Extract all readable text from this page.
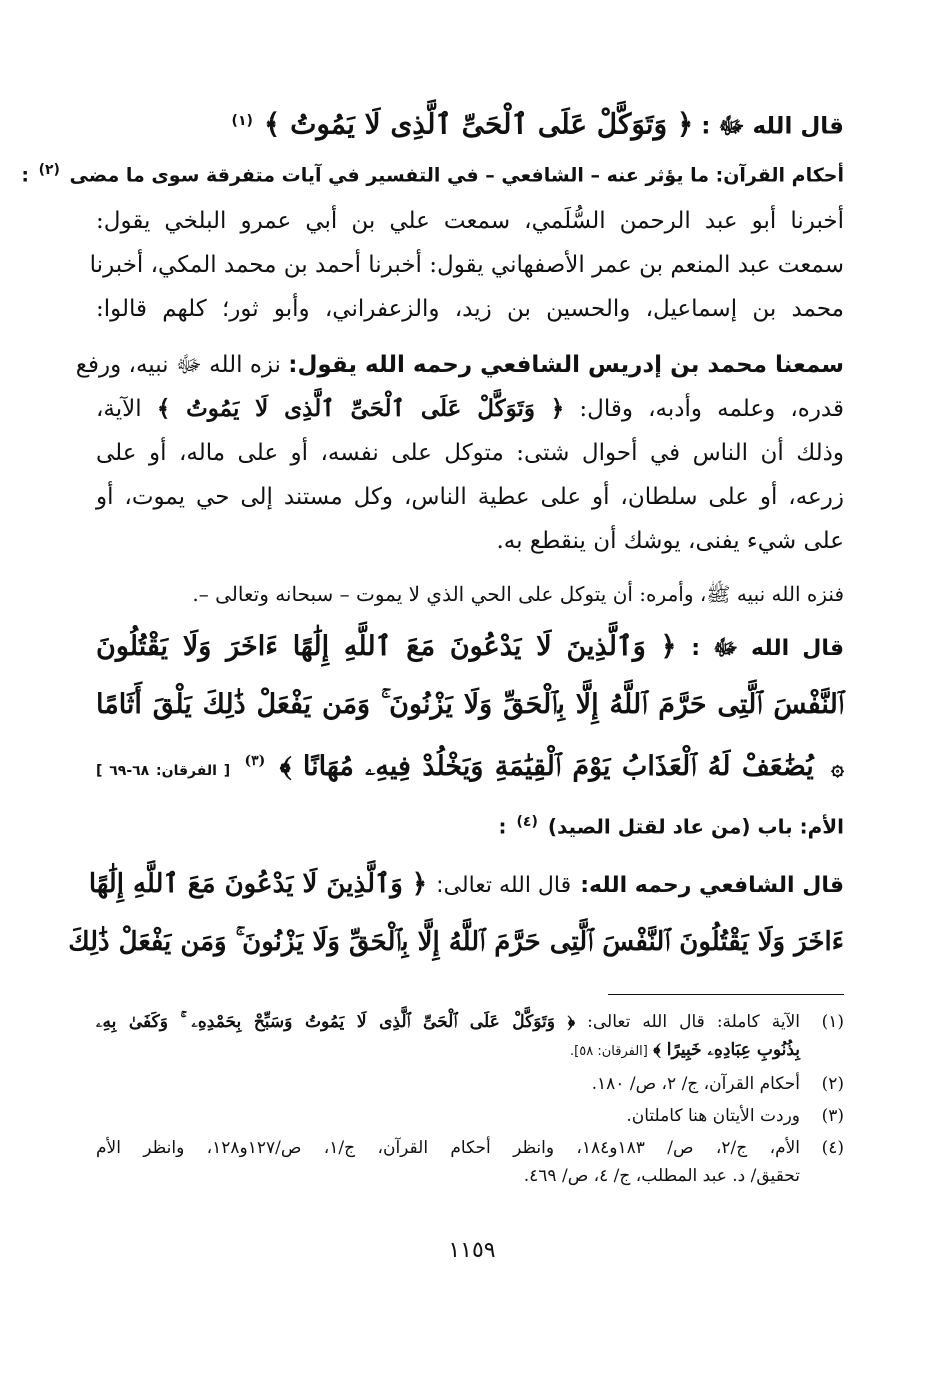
قال الله ﷻ : ﴿ وَتَوَكَّلْ عَلَى ٱلْحَىِّ ٱلَّذِى لَا يَمُوتُ ﴾ $^{(١)}$

أحكام القرآن: ما يؤثر عنه – الشافعي – في التفسير في آيات متفرقة سوى ما مضى $^{(٢)}$ :

أخبرنا أبو عبد الرحمن السُّلَمي، سمعت علي بن أبي عمرو البلخي يقول:

سمعت عبد المنعم بن عمر الأصفهاني يقول: أخبرنا أحمد بن محمد المكي، أخبرنا

محمد بن إسماعيل، والحسين بن زيد، والزعفراني، وأبو ثور؛ كلهم قالوا:

سمعنا محمد بن إدريس الشافعي رحمه الله يقول: نزه الله ﷻ نبيه، ورفع

قدره، وعلمه وأدبه، وقال: ﴿ وَتَوَكَّلْ عَلَى ٱلْحَىِّ ٱلَّذِى لَا يَمُوتُ ﴾ الآية،

وذلك أن الناس في أحوال شتى: متوكل على نفسه، أو على ماله، أو على

زرعه، أو على سلطان، أو على عطية الناس، وكل مستند إلى حي يموت، أو

على شيء يفنى، يوشك أن ينقطع به.

فنزه الله نبيه ﷺ، وأمره: أن يتوكل على الحي الذي لا يموت – سبحانه وتعالى –.

قال الله ﷻ : ﴿ وَٱلَّذِينَ لَا يَدْعُونَ مَعَ ٱللَّهِ إِلَٰهًا ءَاخَرَ وَلَا يَقْتُلُونَ

ٱلنَّفْسَ ٱلَّتِى حَرَّمَ ٱللَّهُ إِلَّا بِٱلْحَقِّ وَلَا يَزْنُونَ ۚ وَمَن يَفْعَلْ ذَٰلِكَ يَلْقَ أَثَامًا

۞ يُضَٰعَفْ لَهُ ٱلْعَذَابُ يَوْمَ ٱلْقِيَٰمَةِ وَيَخْلُدْ فِيهِۦ مُهَانًا ﴾ $^{(٣)}$ [ الفرقان: ٦٨-٦٩ ]

الأم: باب (من عاد لقتل الصيد) $^{(٤)}$ :

قال الشافعي رحمه الله: قال الله تعالى: ﴿ وَٱلَّذِينَ لَا يَدْعُونَ مَعَ ٱللَّهِ إِلَٰهًا

ءَاخَرَ وَلَا يَقْتُلُونَ ٱلنَّفْسَ ٱلَّتِى حَرَّمَ ٱللَّهُ إِلَّا بِٱلْحَقِّ وَلَا يَزْنُونَ ۚ وَمَن يَفْعَلْ ذَٰلِكَ

(١)
الآية كاملة: قال الله تعالى: ﴿ وَتَوَكَّلْ عَلَى ٱلْحَىِّ ٱلَّذِى لَا يَمُوتُ وَسَبِّحْ بِحَمْدِهِۦ ۚ وَكَفَىٰ بِهِۦ
بِذُنُوبِ عِبَادِهِۦ خَبِيرًا ﴾ [الفرقان: ٥٨].
(٢)
أحكام القرآن، ج/ ٢، ص/ ١٨٠.
(٣)
وردت الأيتان هنا كاملتان.
(٤)
الأم، ج/٢، ص/ ١٨٣و١٨٤، وانظر أحكام القرآن، ج/١، ص/١٢٧و١٢٨، وانظر الأم
تحقيق/ د. عبد المطلب، ج/ ٤، ص/ ٤٦٩.
١١٥٩
